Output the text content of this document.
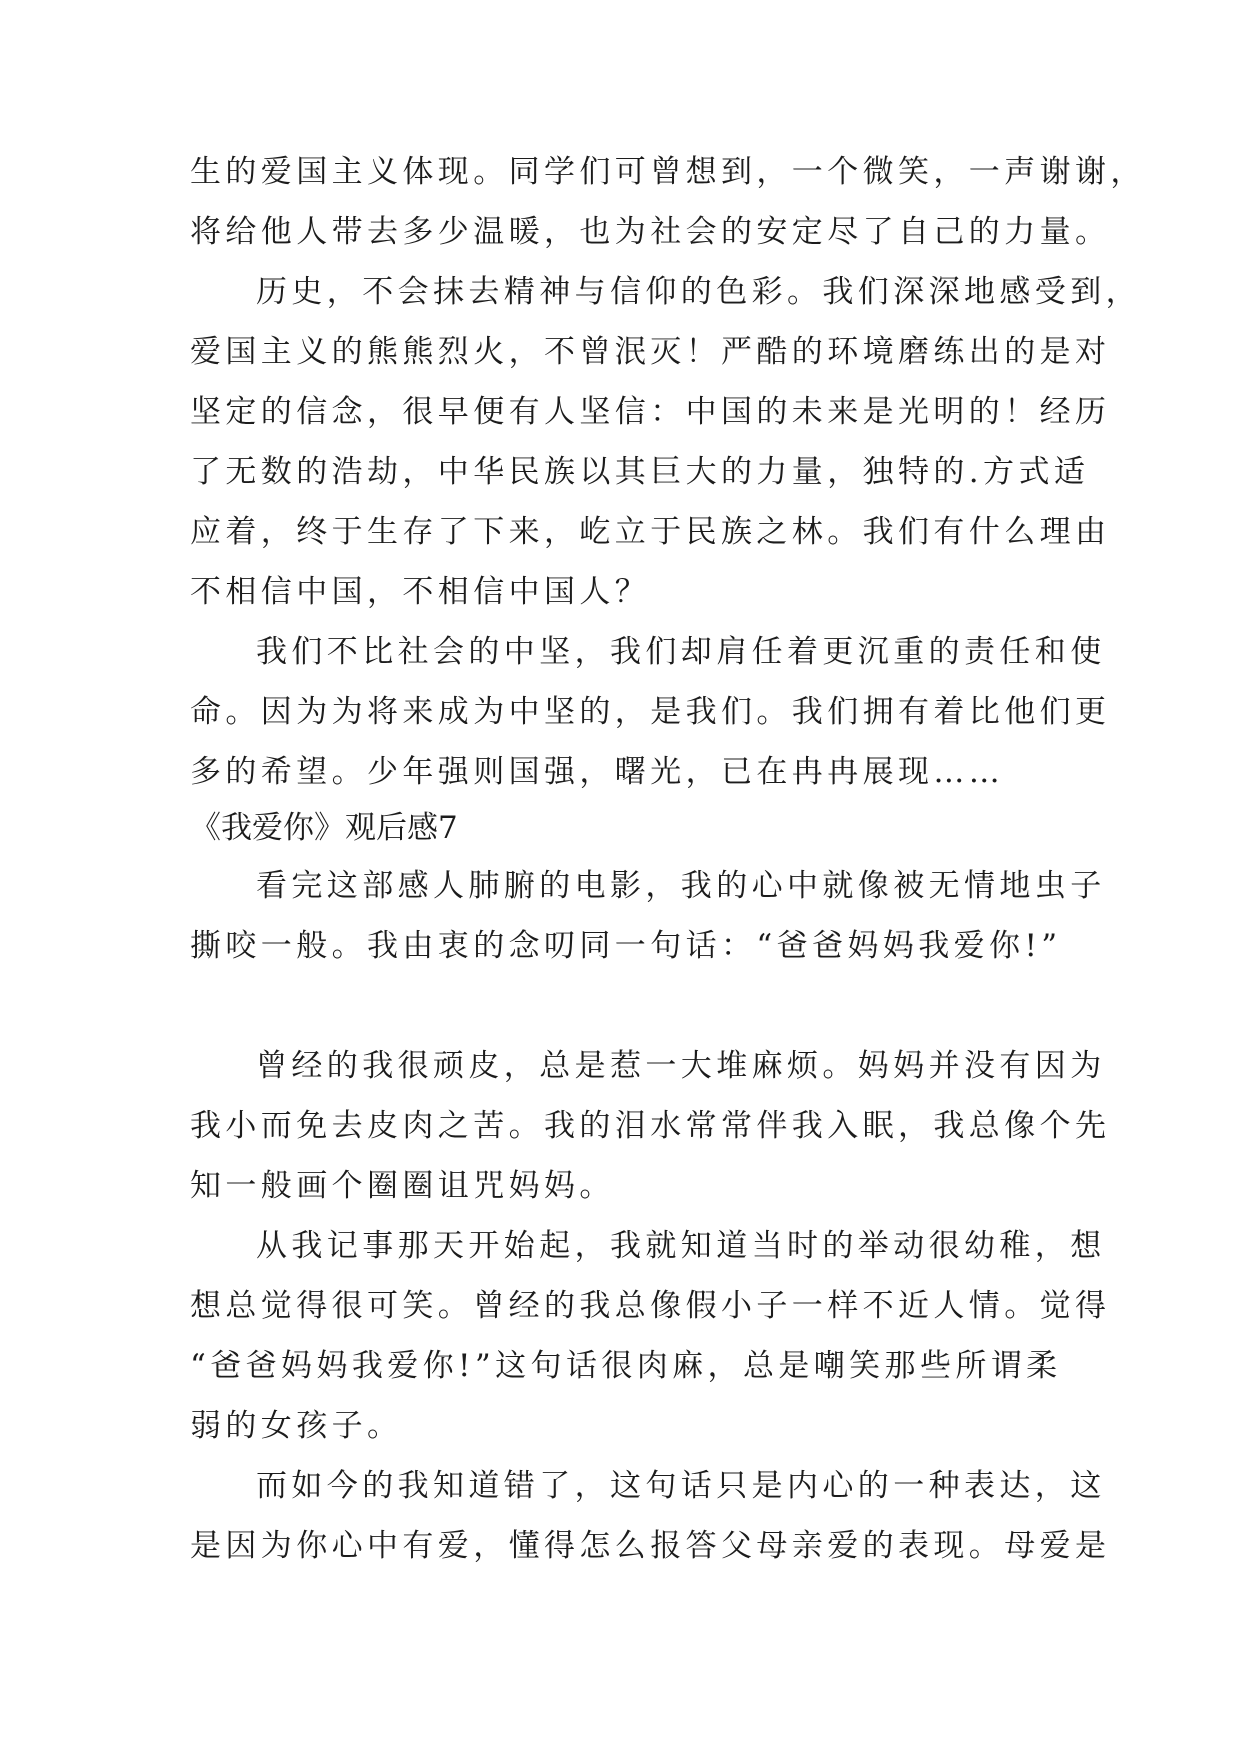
生的爱国主义体现。同学们可曾想到，一个微笑，一声谢谢，
将给他人带去多少温暖，也为社会的安定尽了自己的力量。
历史，不会抹去精神与信仰的色彩。我们深深地感受到，
爱国主义的熊熊烈火，不曾泯灭！严酷的环境磨练出的是对
坚定的信念，很早便有人坚信：中国的未来是光明的！经历
了无数的浩劫，中华民族以其巨大的力量，独特的.方式适
应着，终于生存了下来，屹立于民族之林。我们有什么理由
不相信中国，不相信中国人？
我们不比社会的中坚，我们却肩任着更沉重的责任和使
命。因为为将来成为中坚的，是我们。我们拥有着比他们更
多的希望。少年强则国强，曙光，已在冉冉展现……
《我爱你》观后感7
看完这部感人肺腑的电影，我的心中就像被无情地虫子
撕咬一般。我由衷的念叨同一句话：“爸爸妈妈我爱你!”
曾经的我很顽皮，总是惹一大堆麻烦。妈妈并没有因为
我小而免去皮肉之苦。我的泪水常常伴我入眠，我总像个先
知一般画个圈圈诅咒妈妈。
从我记事那天开始起，我就知道当时的举动很幼稚，想
想总觉得很可笑。曾经的我总像假小子一样不近人情。觉得
“爸爸妈妈我爱你!”这句话很肉麻，总是嘲笑那些所谓柔
弱的女孩子。
而如今的我知道错了，这句话只是内心的一种表达，这
是因为你心中有爱，懂得怎么报答父母亲爱的表现。母爱是
